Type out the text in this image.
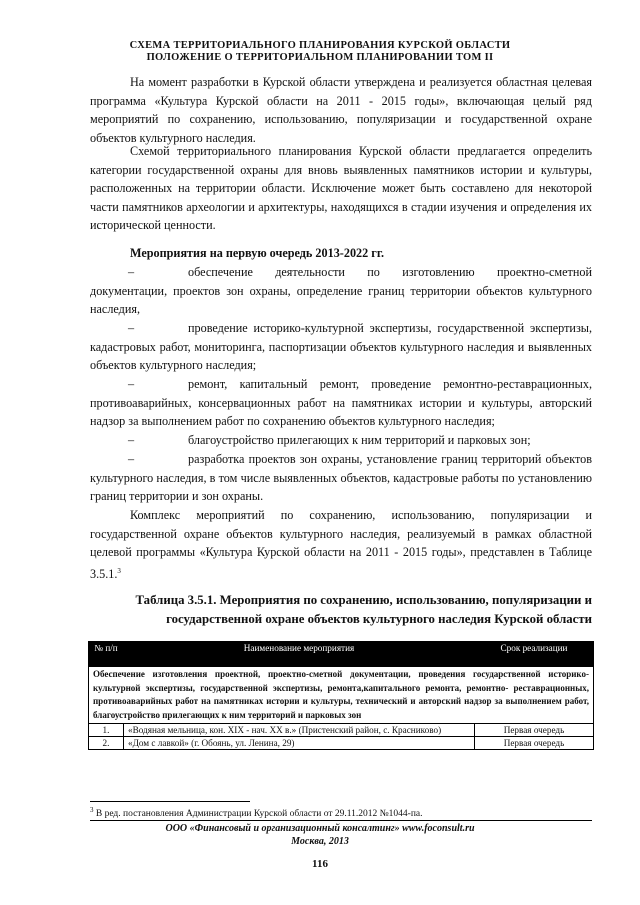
СХЕМА ТЕРРИТОРИАЛЬНОГО ПЛАНИРОВАНИЯ КУРСКОЙ ОБЛАСТИ
ПОЛОЖЕНИЕ О ТЕРРИТОРИАЛЬНОМ ПЛАНИРОВАНИИ ТОМ II
На момент разработки в Курской области утверждена и реализуется областная целевая программа «Культура Курской области на 2011 - 2015 годы», включающая целый ряд мероприятий по сохранению, использованию, популяризации и государственной охране объектов культурного наследия.
Схемой территориального планирования Курской области предлагается определить категории государственной охраны для вновь выявленных памятников истории и культуры, расположенных на территории области. Исключение может быть составлено для некоторой части памятников археологии и архитектуры, находящихся в стадии изучения и определения их исторической ценности.
Мероприятия на первую очередь 2013-2022 гг.
–	обеспечение деятельности по изготовлению проектно-сметной документации, проектов зон охраны, определение границ территории объектов культурного наследия,
–	проведение историко-культурной экспертизы, государственной экспертизы, кадастровых работ, мониторинга, паспортизации объектов культурного наследия и выявленных объектов культурного наследия;
–	ремонт, капитальный ремонт, проведение ремонтно-реставрационных, противоаварийных, консервационных работ на памятниках истории и культуры, авторский надзор за выполнением работ по сохранению объектов культурного наследия;
–	благоустройство прилегающих к ним территорий и парковых зон;
–	разработка проектов зон охраны, установление границ территорий объектов культурного наследия, в том числе выявленных объектов, кадастровые работы по установлению границ территории и зон охраны.
Комплекс мероприятий по сохранению, использованию, популяризации и государственной охране объектов культурного наследия, реализуемый в рамках областной целевой программы «Культура Курской области на 2011 - 2015 годы», представлен в Таблице 3.5.1.$^3$
Таблица 3.5.1. Мероприятия по сохранению, использованию, популяризации и
государственной охране объектов культурного наследия Курской области
№ п/п	Наименование мероприятия	Срок реализации
Обеспечение изготовления проектной, проектно-сметной документации, проведения государственной историко-культурной экспертизы, государственной экспертизы, ремонта,капитального ремонта, ремонтно- реставрационных, противоаварийных работ на памятниках истории и культуры, технический и авторский надзор за выполнением работ, благоустройство прилегающих к ним территорий и парковых зон		
1.	«Водяная мельница, кон. XIX - нач. XX в.» (Пристенский район, с. Красниково)	Первая очередь
2.	«Дом с лавкой» (г. Обоянь, ул. Ленина, 29)	Первая очередь
$^3$ В ред. постановления Администрации Курской области от 29.11.2012 №1044-па.
ООО «Финансовый и организационный консалтинг» www.foconsult.ru
Москва, 2013
116
